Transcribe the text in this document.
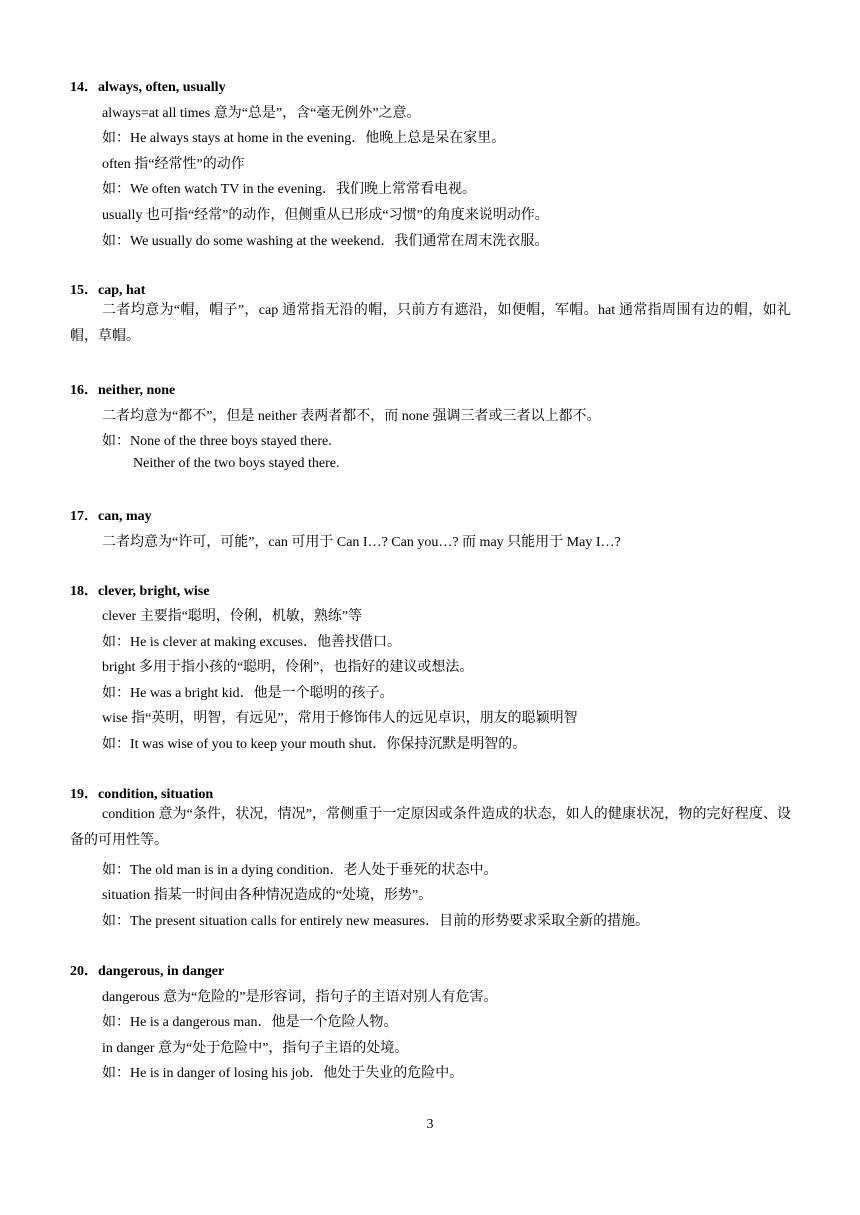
14．always, often, usually
always=at all times 意为“总是”，含“毫无例外”之意。
如：He always stays at home in the evening．他晚上总是呆在家里。
often 指“经常性”的动作
如：We often watch TV in the evening．我们晚上常常看电视。
usually 也可指“经常”的动作，但侧重从已形成“习惯”的角度来说明动作。
如：We usually do some washing at the weekend．我们通常在周末洗衣服。
15．cap, hat
二者均意为“帽，帽子”，cap 通常指无沿的帽，只前方有遮沿，如便帽，军帽。hat 通常指周围有边的帽，如礼帽，草帽。
16．neither, none
二者均意为“都不”，但是 neither 表两者都不，而 none 强调三者或三者以上都不。
如：None of the three boys stayed there.
Neither of the two boys stayed there.
17．can, may
二者均意为“许可，可能”，can 可用于 Can I…? Can you…? 而 may 只能用于 May I…?
18．clever, bright, wise
clever 主要指“聪明，伶俐，机敏，熟练”等
如：He is clever at making excuses．他善找借口。
bright 多用于指小孩的“聪明，伶俐”，也指好的建议或想法。
如：He was a bright kid．他是一个聪明的孩子。
wise 指“英明，明智，有远见”，常用于修饰伟人的远见卓识，朋友的聪颖明智
如：It was wise of you to keep your mouth shut．你保持沉默是明智的。
19．condition, situation
condition 意为“条件，状况，情况”，常侧重于一定原因或条件造成的状态，如人的健康状况，物的完好程度、设备的可用性等。
如：The old man is in a dying condition．老人处于垂死的状态中。
situation 指某一时间由各种情况造成的“处境，形势”。
如：The present situation calls for entirely new measures．目前的形势要求采取全新的措施。
20．dangerous, in danger
dangerous 意为“危险的”是形容词，指句子的主语对别人有危害。
如：He is a dangerous man．他是一个危险人物。
in danger 意为“处于危险中”，指句子主语的处境。
如：He is in danger of losing his job．他处于失业的危险中。
3
